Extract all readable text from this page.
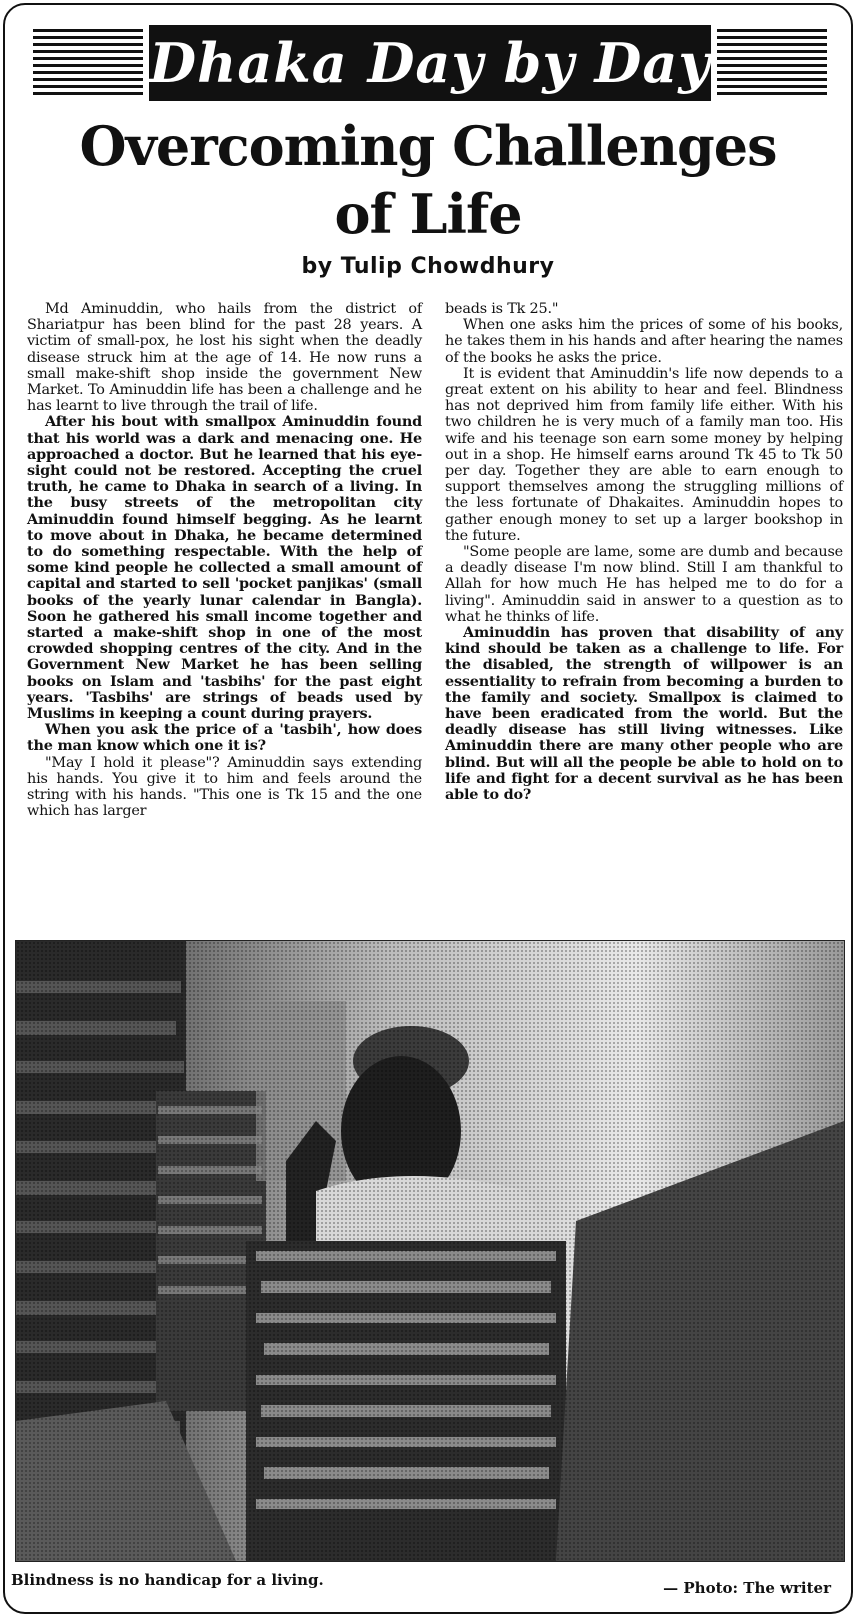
Dhaka Day by Day
Overcoming Challenges
of Life
by Tulip Chowdhury

Md Aminuddin, who hails from the district of Shariatpur has been blind for the past 28 years. A victim of small-pox, he lost his sight when the deadly disease struck him at the age of 14. He now runs a small make-shift shop inside the government New Market. To Aminuddin life has been a challenge and he has learnt to live through the trail of life.

After his bout with smallpox Aminuddin found that his world was a dark and menacing one. He approached a doctor. But he learned that his eye-sight could not be restored. Accepting the cruel truth, he came to Dhaka in search of a living. In the busy streets of the metropolitan city Aminuddin found himself begging. As he learnt to move about in Dhaka, he became determined to do something respectable. With the help of some kind people he collected a small amount of capital and started to sell 'pocket panjikas' (small books of the yearly lunar calendar in Bangla). Soon he gathered his small income together and started a make-shift shop in one of the most crowded shopping centres of the city. And in the Government New Market he has been selling books on Islam and 'tasbihs' for the past eight years. 'Tasbihs' are strings of beads used by Muslims in keeping a count during prayers.

When you ask the price of a 'tasbih', how does the man know which one it is?

"May I hold it please"? Aminuddin says extending his hands. You give it to him and feels around the string with his hands. "This one is Tk 15 and the one which has larger

beads is Tk 25."

When one asks him the prices of some of his books, he takes them in his hands and after hearing the names of the books he asks the price.

It is evident that Aminuddin's life now depends to a great extent on his ability to hear and feel. Blindness has not deprived him from family life either. With his two children he is very much of a family man too. His wife and his teenage son earn some money by helping out in a shop. He himself earns around Tk 45 to Tk 50 per day. Together they are able to earn enough to support themselves among the struggling millions of the less fortunate of Dhakaites. Aminuddin hopes to gather enough money to set up a larger bookshop in the future.

"Some people are lame, some are dumb and because a deadly disease I'm now blind. Still I am thankful to Allah for how much He has helped me to do for a living". Aminuddin said in answer to a question as to what he thinks of life.

Aminuddin has proven that disability of any kind should be taken as a challenge to life. For the disabled, the strength of willpower is an essentiality to refrain from becoming a burden to the family and society. Smallpox is claimed to have been eradicated from the world. But the deadly disease has still living witnesses. Like Aminuddin there are many other people who are blind. But will all the people be able to hold on to life and fight for a decent survival as he has been able to do?

Blindness is no handicap for a living.	— Photo: The writer
